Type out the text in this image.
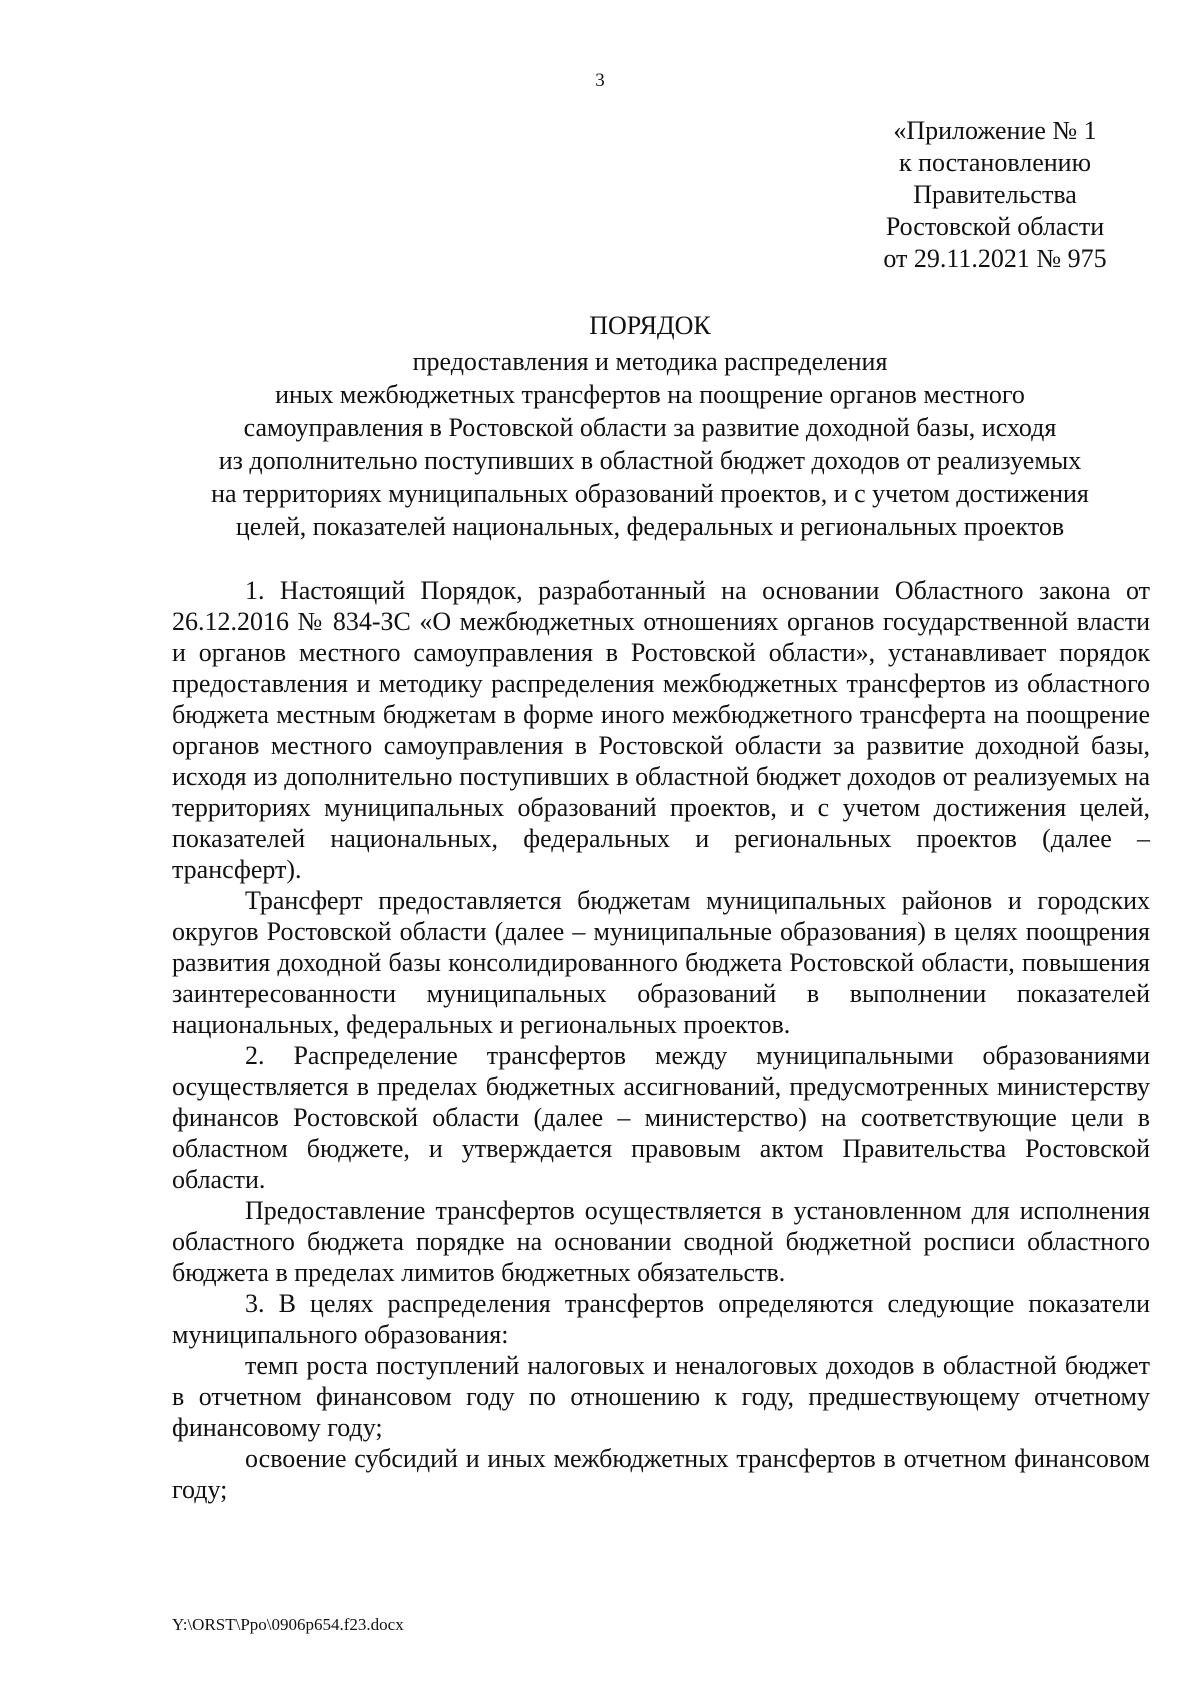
3
«Приложение № 1
к постановлению
Правительства
Ростовской области
от 29.11.2021 № 975
ПОРЯДОК
предоставления и методика распределения
иных межбюджетных трансфертов на поощрение органов местного
самоуправления в Ростовской области за развитие доходной базы, исходя
из дополнительно поступивших в областной бюджет доходов от реализуемых
на территориях муниципальных образований проектов, и с учетом достижения
целей, показателей национальных, федеральных и региональных проектов

1. Настоящий Порядок, разработанный на основании Областного закона от 26.12.2016 № 834-ЗС «О межбюджетных отношениях органов государственной власти и органов местного самоуправления в Ростовской области», устанавливает порядок предоставления и методику распределения межбюджетных трансфертов из областного бюджета местным бюджетам в форме иного межбюджетного трансферта на поощрение органов местного самоуправления в Ростовской области за развитие доходной базы, исходя из дополнительно поступивших в областной бюджет доходов от реализуемых на территориях муниципальных образований проектов, и с учетом достижения целей, показателей национальных, федеральных и региональных проектов (далее – трансферт).

Трансферт предоставляется бюджетам муниципальных районов и городских округов Ростовской области (далее – муниципальные образования) в целях поощрения развития доходной базы консолидированного бюджета Ростовской области, повышения заинтересованности муниципальных образований в выполнении показателей национальных, федеральных и региональных проектов.

2. Распределение трансфертов между муниципальными образованиями осуществляется в пределах бюджетных ассигнований, предусмотренных министерству финансов Ростовской области (далее – министерство) на соответствующие цели в областном бюджете, и утверждается правовым актом Правительства Ростовской области.

Предоставление трансфертов осуществляется в установленном для исполнения областного бюджета порядке на основании сводной бюджетной росписи областного бюджета в пределах лимитов бюджетных обязательств.

3. В целях распределения трансфертов определяются следующие показатели муниципального образования:

темп роста поступлений налоговых и неналоговых доходов в областной бюджет в отчетном финансовом году по отношению к году, предшествующему отчетному финансовому году;

освоение субсидий и иных межбюджетных трансфертов в отчетном финансовом году;

Y:\ORST\Ppo\0906p654.f23.docx
